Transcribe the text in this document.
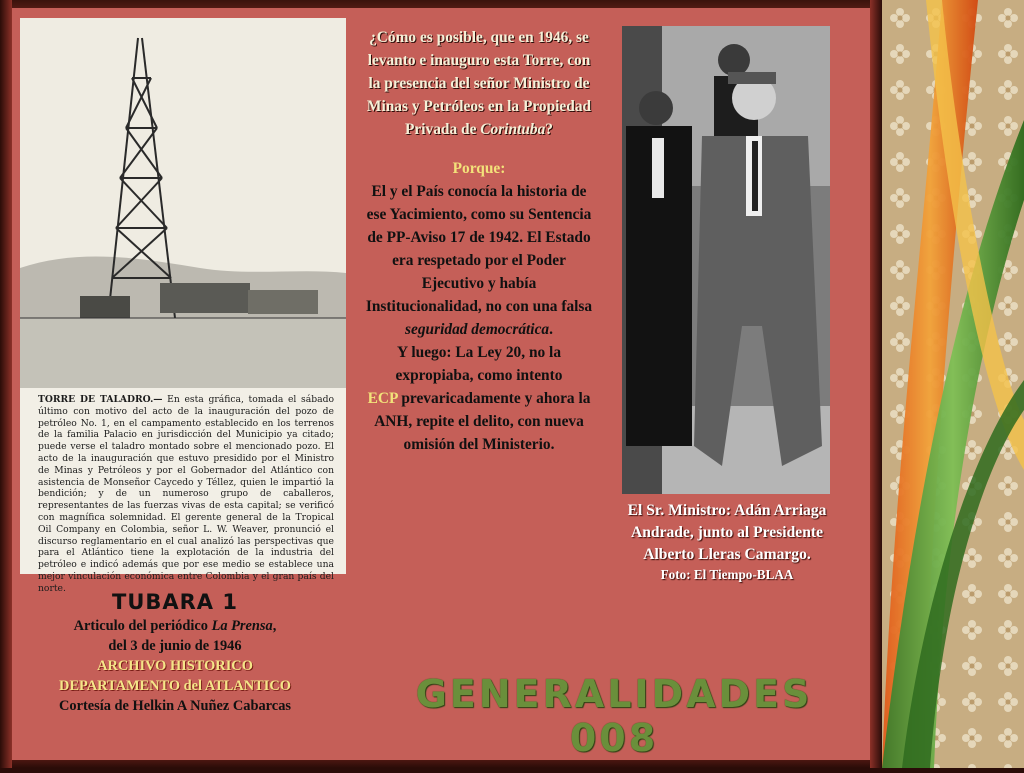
TORRE DE TALADRO.— En esta gráfica, tomada el sábado último con motivo del acto de la inauguración del pozo de petróleo No. 1, en el campamento establecido en los terrenos de la familia Palacio en jurisdicción del Municipio ya citado; puede verse el taladro montado sobre el mencionado pozo. El acto de la inauguración que estuvo presidido por el Ministro de Minas y Petróleos y por el Gobernador del Atlántico con asistencia de Monseñor Caycedo y Téllez, quien le impartió la bendición; y de un numeroso grupo de caballeros, representantes de las fuerzas vivas de esta capital; se verificó con magnífica solemnidad. El gerente general de la Tropical Oil Company en Colombia, señor L. W. Weaver, pronunció el discurso reglamentario en el cual analizó las perspectivas que para el Atlántico tiene la explotación de la industria del petróleo e indicó además que por ese medio se establece una mejor vinculación económica entre Colombia y el gran país del norte.
¿Cómo es posible, que en 1946, se levanto e inauguro esta Torre, con la presencia del señor Ministro de Minas y Petróleos en la Propiedad Privada de Corintuba?
Porque:
El y el País conocía la historia de ese Yacimiento, como su Sentencia de PP-Aviso 17 de 1942. El Estado era respetado por el Poder Ejecutivo y había Institucionalidad, no con una falsa seguridad democrática.
Y luego: La Ley 20, no la expropiaba, como intento
ECP prevaricadamente y ahora la ANH, repite el delito, con nueva omisión del Ministerio.
El Sr. Ministro: Adán Arriaga Andrade, junto al Presidente Alberto Lleras Camargo.
Foto: El Tiempo-BLAA
TUBARA 1
Articulo del periódico La Prensa,
del 3 de junio de 1946
ARCHIVO HISTORICO
DEPARTAMENTO del ATLANTICO
Cortesía de Helkin A Nuñez Cabarcas	GENERALIDADES 008
